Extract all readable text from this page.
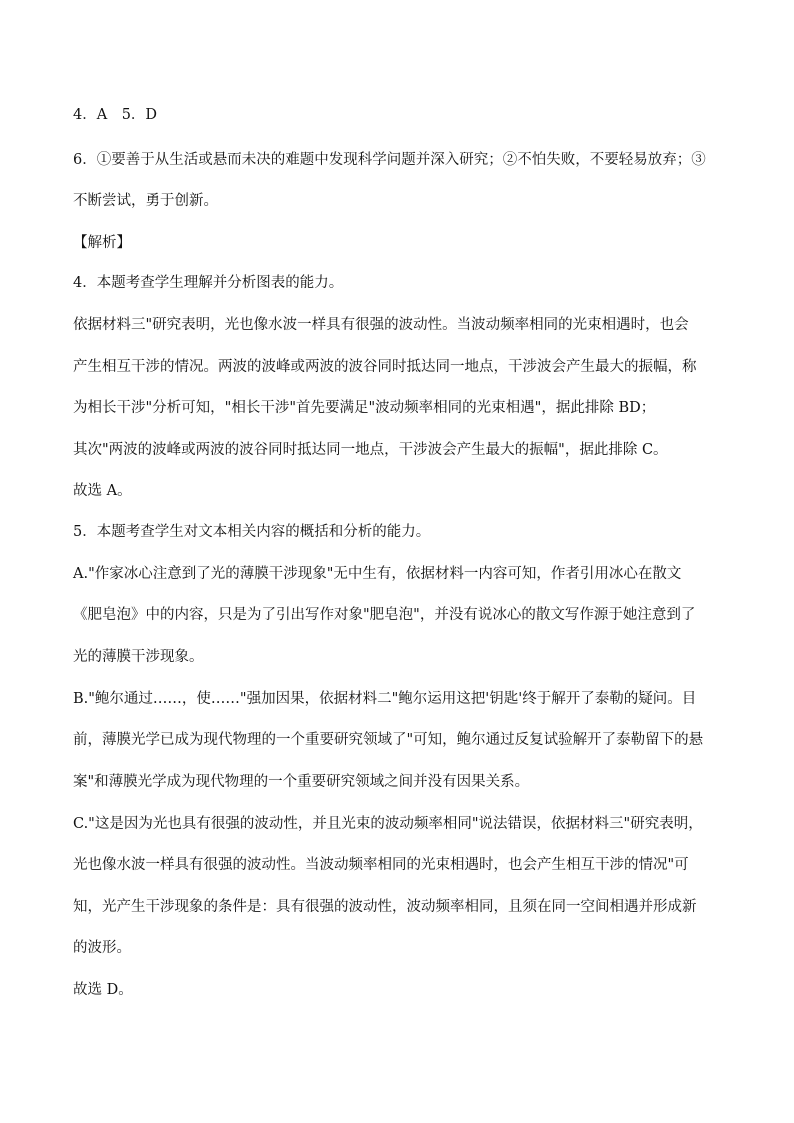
4．A　5．D
6．①要善于从生活或悬而未决的难题中发现科学问题并深入研究；②不怕失败，不要轻易放弃；③
不断尝试，勇于创新。
【解析】
4．本题考查学生理解并分析图表的能力。
依据材料三"研究表明，光也像水波一样具有很强的波动性。当波动频率相同的光束相遇时，也会
产生相互干涉的情况。两波的波峰或两波的波谷同时抵达同一地点，干涉波会产生最大的振幅，称
为相长干涉"分析可知，"相长干涉"首先要满足"波动频率相同的光束相遇"，据此排除 BD；
其次"两波的波峰或两波的波谷同时抵达同一地点，干涉波会产生最大的振幅"，据此排除 C。
故选 A。
5．本题考查学生对文本相关内容的概括和分析的能力。
A."作家冰心注意到了光的薄膜干涉现象"无中生有，依据材料一内容可知，作者引用冰心在散文
《肥皂泡》中的内容，只是为了引出写作对象"肥皂泡"，并没有说冰心的散文写作源于她注意到了
光的薄膜干涉现象。
B."鲍尔通过……，使……"强加因果，依据材料二"鲍尔运用这把'钥匙'终于解开了泰勒的疑问。目
前，薄膜光学已成为现代物理的一个重要研究领域了"可知，鲍尔通过反复试验解开了泰勒留下的悬
案"和薄膜光学成为现代物理的一个重要研究领域之间并没有因果关系。
C."这是因为光也具有很强的波动性，并且光束的波动频率相同"说法错误，依据材料三"研究表明，
光也像水波一样具有很强的波动性。当波动频率相同的光束相遇时，也会产生相互干涉的情况"可
知，光产生干涉现象的条件是：具有很强的波动性，波动频率相同，且须在同一空间相遇并形成新
的波形。
故选 D。
